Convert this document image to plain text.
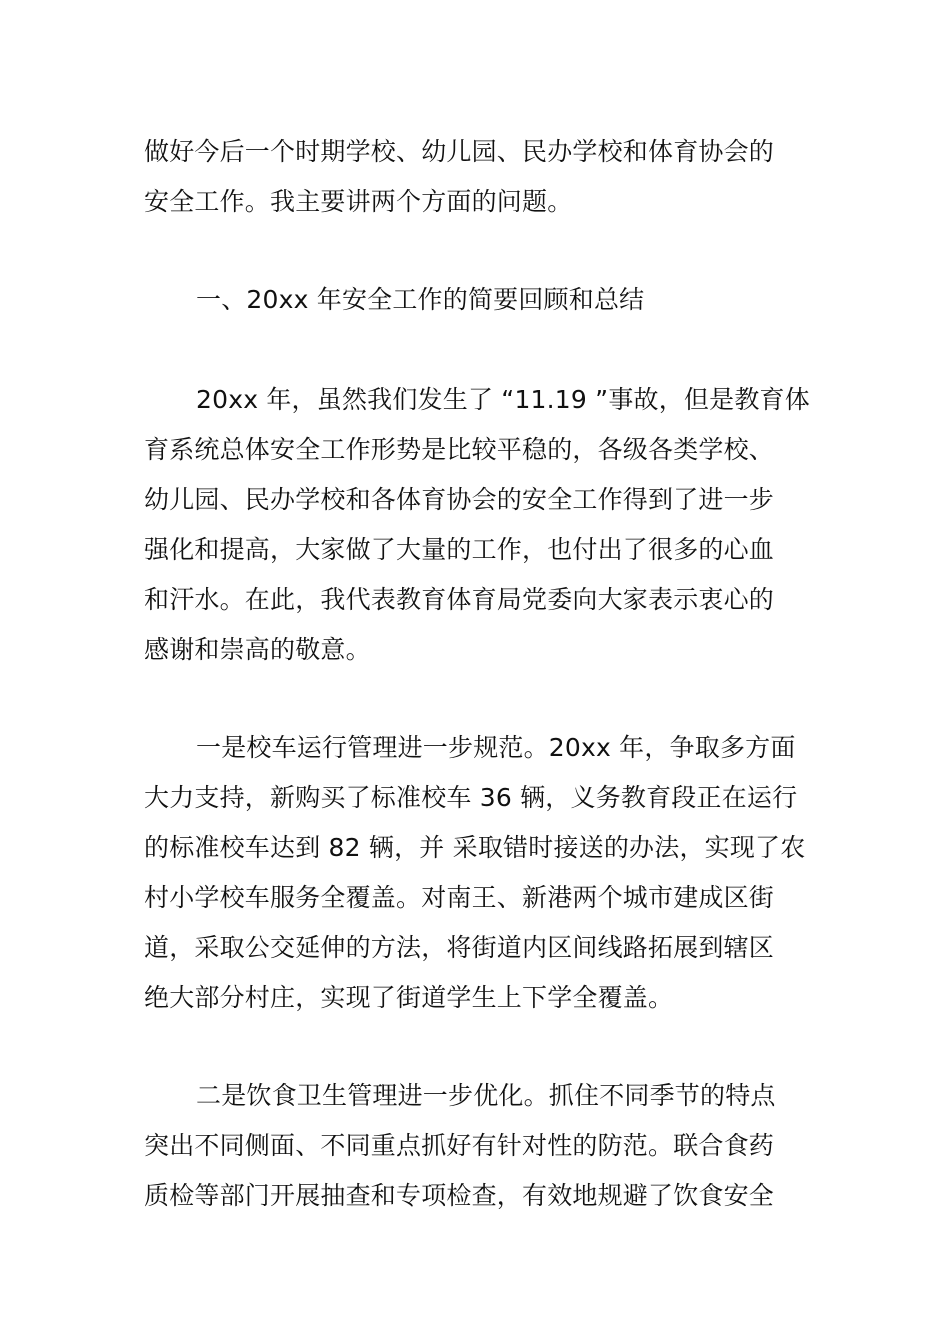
做好今后一个时期学校、幼儿园、民办学校和体育协会的
安全工作。我主要讲两个方面的问题。

一、20xx 年安全工作的简要回顾和总结

20xx 年，虽然我们发生了 “11.19 ”事故，但是教育体
育系统总体安全工作形势是比较平稳的，各级各类学校、
幼儿园、民办学校和各体育协会的安全工作得到了进一步
强化和提高，大家做了大量的工作，也付出了很多的心血
和汗水。在此，我代表教育体育局党委向大家表示衷心的
感谢和崇高的敬意。

一是校车运行管理进一步规范。20xx 年，争取多方面
大力支持，新购买了标准校车 36 辆，义务教育段正在运行
的标准校车达到 82 辆，并 采取错时接送的办法，实现了农
村小学校车服务全覆盖。对南王、新港两个城市建成区街
道，采取公交延伸的方法，将街道内区间线路拓展到辖区
绝大部分村庄，实现了街道学生上下学全覆盖。

二是饮食卫生管理进一步优化。抓住不同季节的特点
突出不同侧面、不同重点抓好有针对性的防范。联合食药
质检等部门开展抽查和专项检查，有效地规避了饮食安全
